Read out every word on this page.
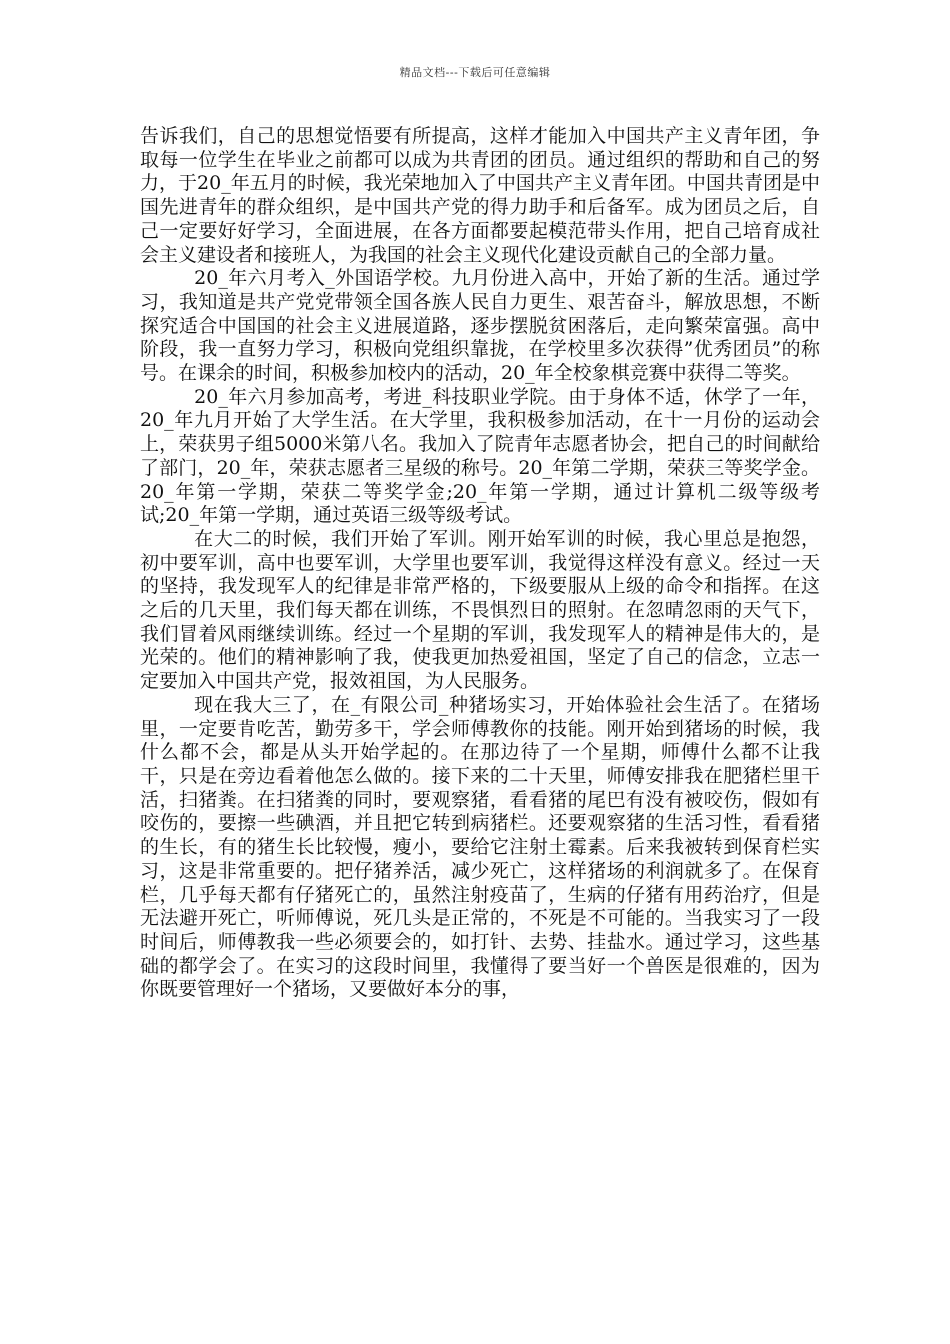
精品文档---下载后可任意编辑

告诉我们，自己的思想觉悟要有所提高，这样才能加入中国共产主义青年团，争取每一位学生在毕业之前都可以成为共青团的团员。通过组织的帮助和自己的努力，于20_年五月的时候，我光荣地加入了中国共产主义青年团。中国共青团是中国先进青年的群众组织，是中国共产党的得力助手和后备军。成为团员之后，自己一定要好好学习，全面进展，在各方面都要起模范带头作用，把自己培育成社会主义建设者和接班人，为我国的社会主义现代化建设贡献自己的全部力量。

20_年六月考入_外国语学校。九月份进入高中，开始了新的生活。通过学习，我知道是共产党党带领全国各族人民自力更生、艰苦奋斗，解放思想，不断探究适合中国国的社会主义进展道路，逐步摆脱贫困落后，走向繁荣富强。高中阶段，我一直努力学习，积极向党组织靠拢，在学校里多次获得”优秀团员”的称号。在课余的时间，积极参加校内的活动，20_年全校象棋竞赛中获得二等奖。

20_年六月参加高考，考进_科技职业学院。由于身体不适，休学了一年，20_年九月开始了大学生活。在大学里，我积极参加活动，在十一月份的运动会上，荣获男子组5000米第八名。我加入了院青年志愿者协会，把自己的时间献给了部门，20_年，荣获志愿者三星级的称号。20_年第二学期，荣获三等奖学金。20_年第一学期，荣获二等奖学金;20_年第一学期，通过计算机二级等级考试;20_年第一学期，通过英语三级等级考试。

在大二的时候，我们开始了军训。刚开始军训的时候，我心里总是抱怨，初中要军训，高中也要军训，大学里也要军训，我觉得这样没有意义。经过一天的坚持，我发现军人的纪律是非常严格的，下级要服从上级的命令和指挥。在这之后的几天里，我们每天都在训练，不畏惧烈日的照射。在忽晴忽雨的天气下，我们冒着风雨继续训练。经过一个星期的军训，我发现军人的精神是伟大的，是光荣的。他们的精神影响了我，使我更加热爱祖国，坚定了自己的信念，立志一定要加入中国共产党，报效祖国，为人民服务。

现在我大三了，在_有限公司_种猪场实习，开始体验社会生活了。在猪场里，一定要肯吃苦，勤劳多干，学会师傅教你的技能。刚开始到猪场的时候，我什么都不会，都是从头开始学起的。在那边待了一个星期，师傅什么都不让我干，只是在旁边看着他怎么做的。接下来的二十天里，师傅安排我在肥猪栏里干活，扫猪粪。在扫猪粪的同时，要观察猪，看看猪的尾巴有没有被咬伤，假如有咬伤的，要擦一些碘酒，并且把它转到病猪栏。还要观察猪的生活习性，看看猪的生长，有的猪生长比较慢，瘦小，要给它注射土霉素。后来我被转到保育栏实习，这是非常重要的。把仔猪养活，减少死亡，这样猪场的利润就多了。在保育栏，几乎每天都有仔猪死亡的，虽然注射疫苗了，生病的仔猪有用药治疗，但是无法避开死亡，听师傅说，死几头是正常的，不死是不可能的。当我实习了一段时间后，师傅教我一些必须要会的，如打针、去势、挂盐水。通过学习，这些基础的都学会了。在实习的这段时间里，我懂得了要当好一个兽医是很难的，因为你既要管理好一个猪场，又要做好本分的事，
